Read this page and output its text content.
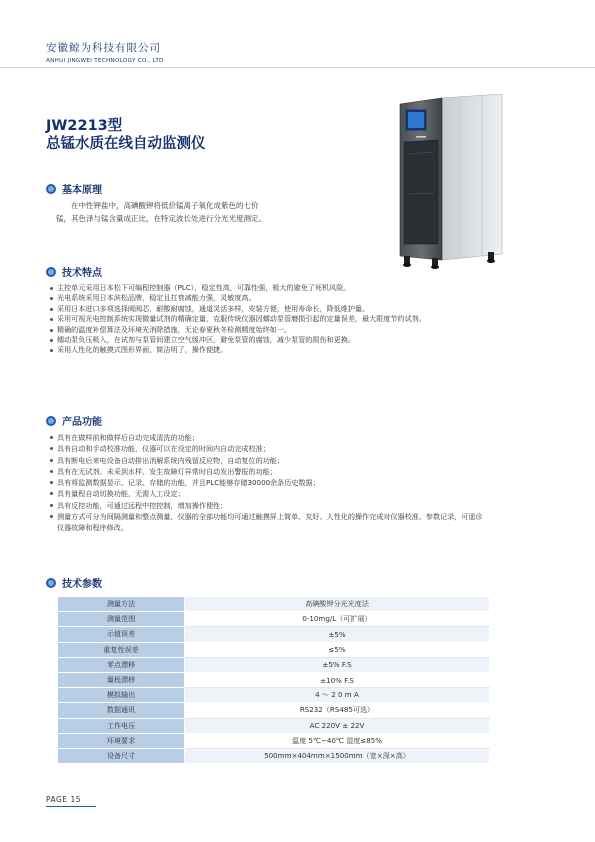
安徽鲸为科技有限公司
ANHUI JINGWEI TECHNOLOGY CO., LTD
JW2213型
总锰水质在线自动监测仪
基本原理
在中性钾盐中，高碘酸钾将低价锰离子氧化成紫色的七价
锰，其色泽与锰含量成正比，在特定波长处进行分光光度测定。
技术特点
主控单元采用日本松下可编程控制器（PLC），稳定性高，可靠性强，极大的避免了死机风险。
光电系统采用日本滨松品牌，稳定且扛衰减能力强，灵敏度高。
采用日本进口多项选择阀阀芯，耐酸耐腐蚀，通道灵活多样，安装方便，使用寿命长，降低维护量。
采用可视光电控制系统实现微量试剂的精确定量，克服传统仪器因蠕动泵管磨损引起的定量误差，最大限度节约试剂。
精确的温度补偿算法及环境光消除措施，无论春夏秋冬检测精度始终如一。
蠕动泵负压吸入，在试剂与泵管间建立空气缓冲区，避免泵管的腐蚀，减少泵管的损伤和更换。
采用人性化的触摸式图形界面，简洁明了，操作便捷。
产品功能
具有在做样前和做样后自动完成清洗的功能；
具有自动和手动校准功能，仪器可以在设定的时间内自动完成校准；
具有断电后来电设备自动排出消解系统内残留反应物，自动复位的功能；
具有在无试剂、未采到水样、发生故障灯异常时自动发出警报的功能；
具有将监测数据显示、记录、存储的功能，并且PLC能够存储30000余条历史数据；
具有量程自动切换功能，无需人工设定；
具有反控功能，可通过远程中控控制，增加操作便性；
测量方式可分为间隔测量和整点测量，仪器的全部功能均可通过触摸屏上简单、友好、人性化的操作完成对仪器校准、参数记录，可遥诊仪器故障和程序修改。
技术参数
测量方法	高碘酸钾分光光度法
测量范围	0-10mg/L（可扩展）
示值误差	±5%
重复性误差	≤5%
零点漂移	±5% F.S
量程漂移	±10% F.S
模拟输出	4 ～ 2 0 m A
数据通讯	RS232（RS485可选）
工作电压	AC 220V ± 22V
环境要求	温度 5℃~40℃ 湿度≤85%
设备尺寸	500mm×404mm×1500mm（宽×深×高）
PAGE 15
